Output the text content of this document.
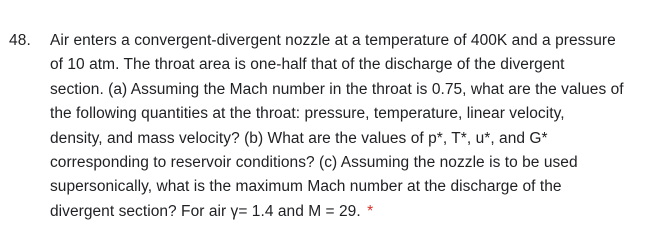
48. Air enters a convergent-divergent nozzle at a temperature of 400K and a pressure
of 10 atm. The throat area is one-half that of the discharge of the divergent
section. (a) Assuming the Mach number in the throat is 0.75, what are the values of
the following quantities at the throat: pressure, temperature, linear velocity,
density, and mass velocity? (b) What are the values of p*, T*, u*, and G*
corresponding to reservoir conditions? (c) Assuming the nozzle is to be used
supersonically, what is the maximum Mach number at the discharge of the
divergent section? For air γ= 1.4 and M = 29. *
